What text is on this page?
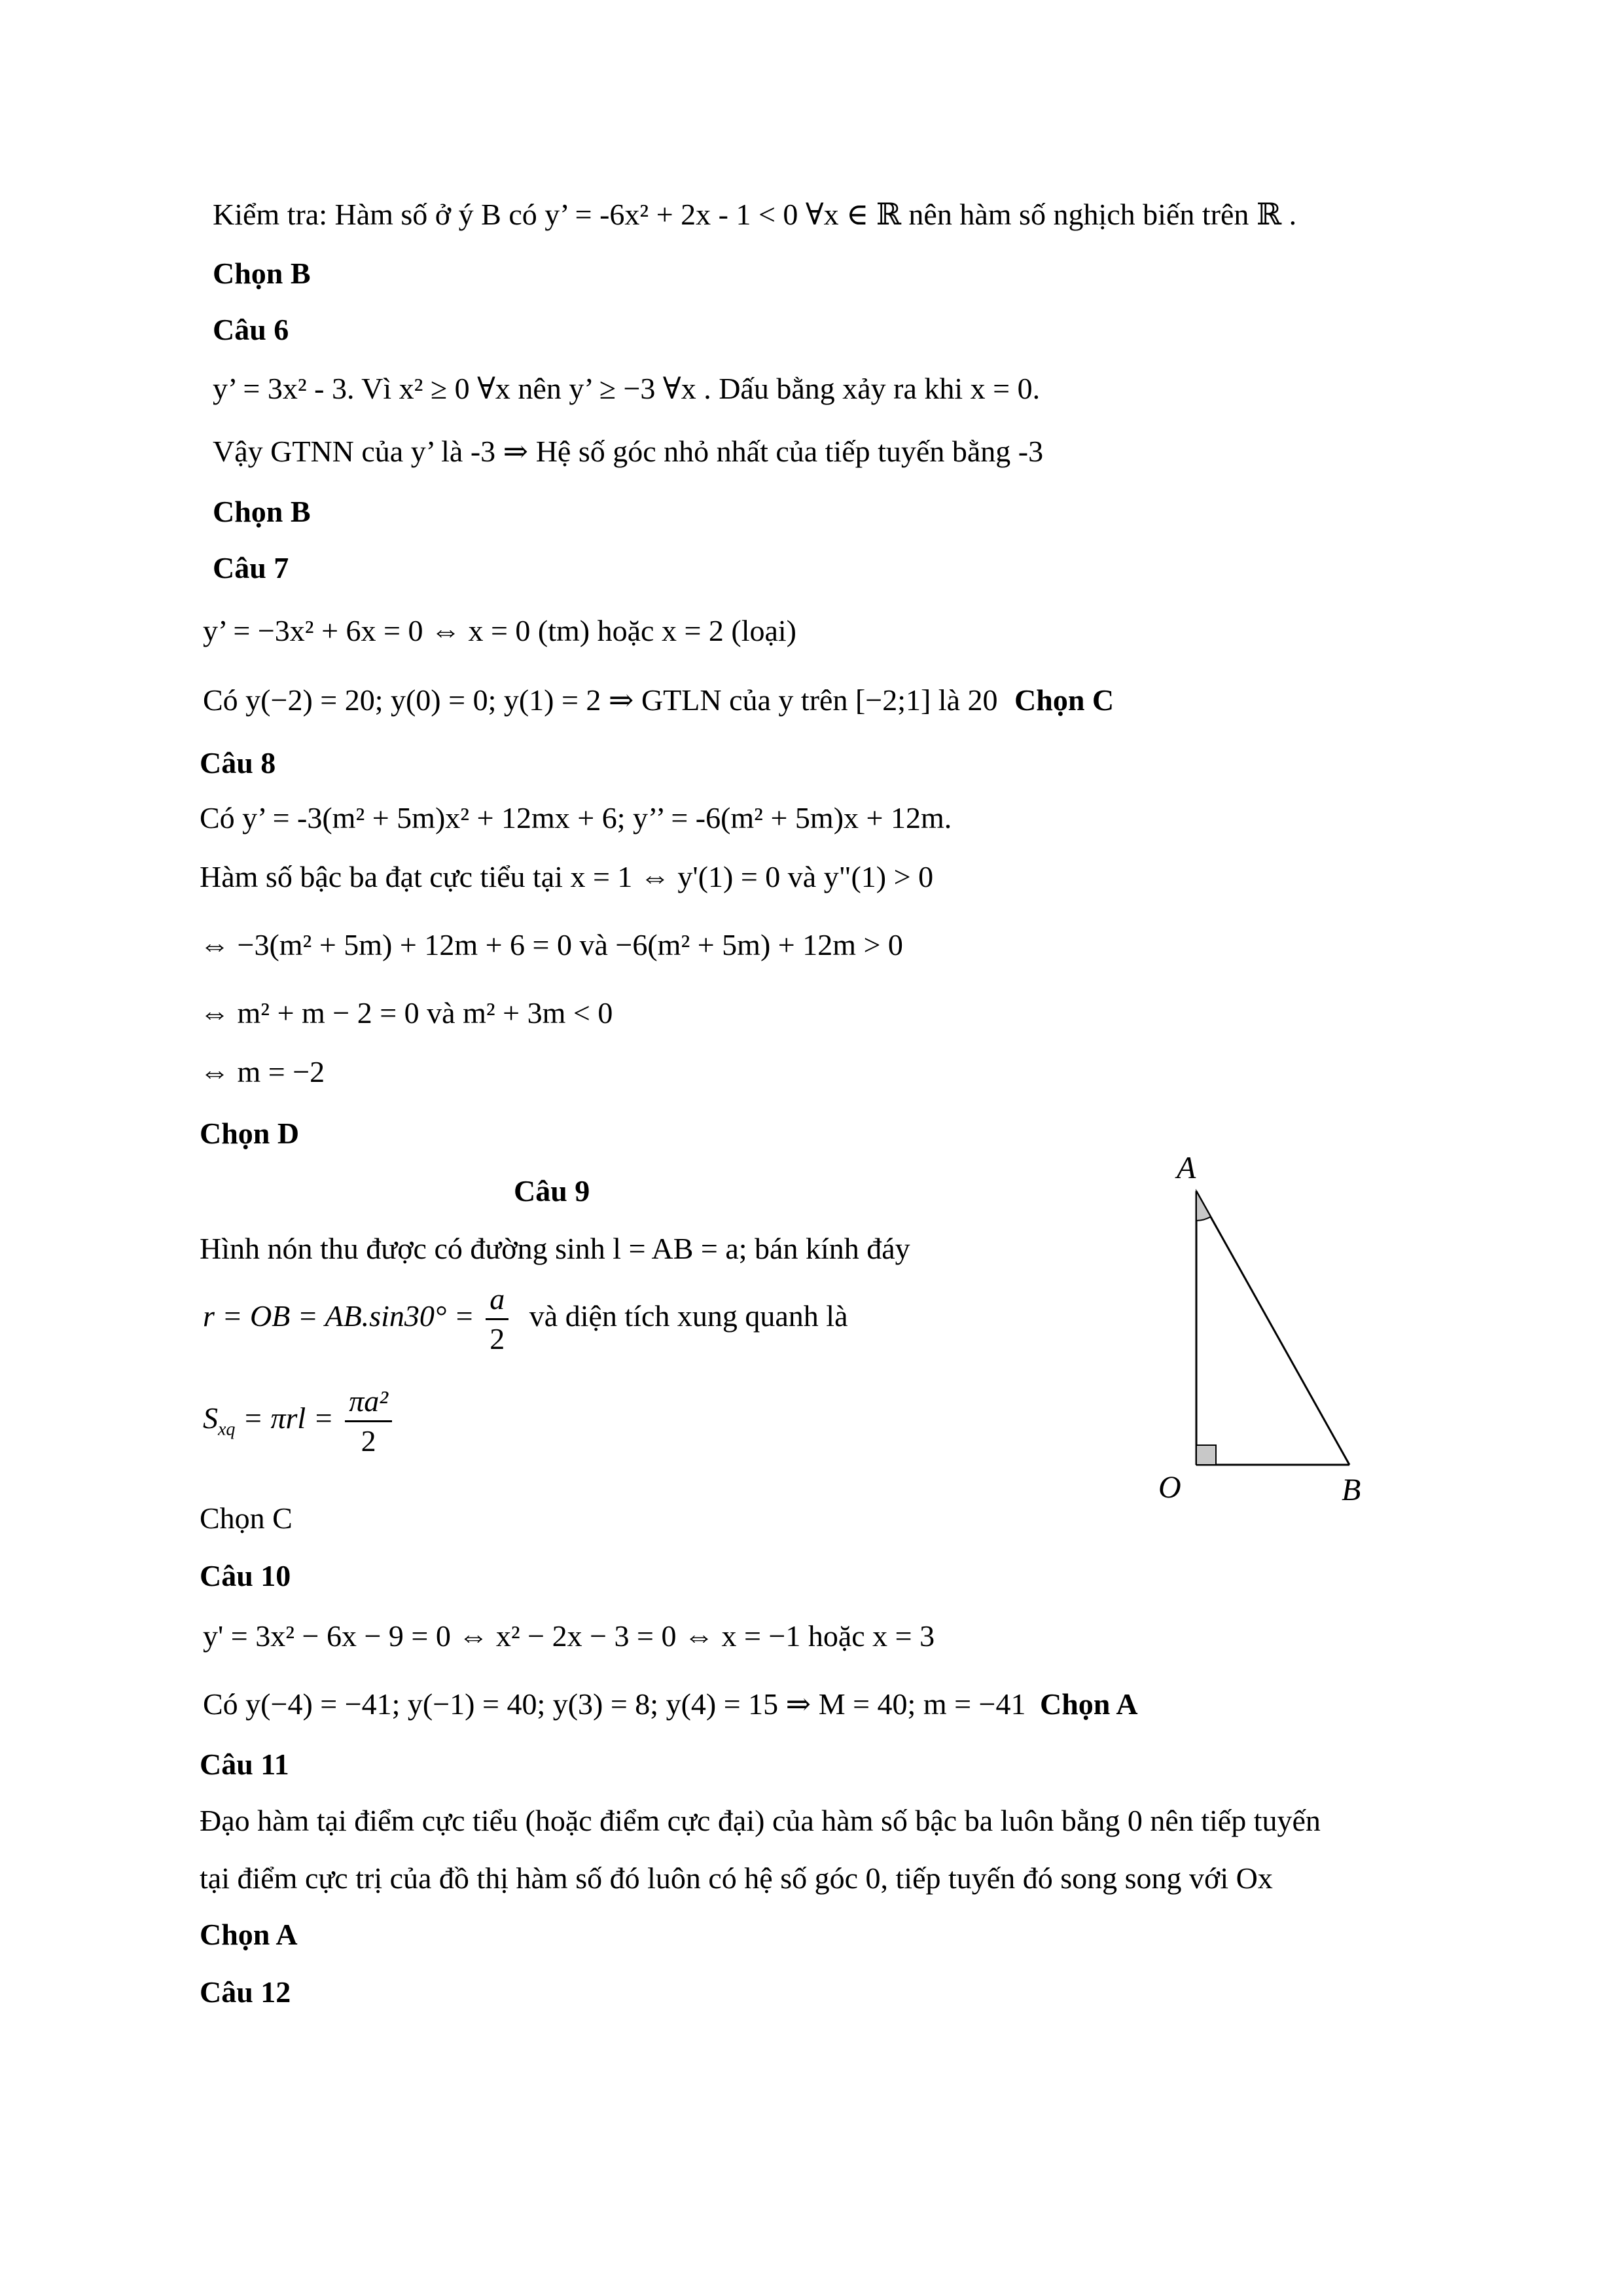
Kiểm tra: Hàm số ở ý B có y’ = -6x² + 2x - 1 < 0 ∀x ∈ ℝ nên hàm số nghịch biến trên ℝ .
Chọn B
Câu 6
y’ = 3x² - 3. Vì x² ≥ 0 ∀x nên y’ ≥ −3 ∀x . Dấu bằng xảy ra khi x = 0.
Vậy GTNN của y’ là -3 ⇒ Hệ số góc nhỏ nhất của tiếp tuyến bằng -3
Chọn B
Câu 7
y’ = −3x² + 6x = 0 ⇔ x = 0 (tm) hoặc x = 2 (loại)
Có y(−2) = 20; y(0) = 0; y(1) = 2 ⇒ GTLN của y trên [−2;1] là 20 Chọn C
Câu 8
Có y’ = -3(m² + 5m)x² + 12mx + 6; y’’ = -6(m² + 5m)x + 12m.
Hàm số bậc ba đạt cực tiểu tại x = 1 ⇔ y'(1) = 0 và y"(1) > 0
⇔ −3(m² + 5m) + 12m + 6 = 0 và −6(m² + 5m) + 12m > 0
⇔ m² + m − 2 = 0 và m² + 3m < 0
⇔ m = −2
Chọn D
Câu 9
Hình nón thu được có đường sinh l = AB = a; bán kính đáy
r = OB = $AB.\sin 30^\circ = \frac{a}{2}$ và diện tích xung quanh là
$S_{xq} = \pi rl = \frac{\text{πa²}}{2}$
Chọn C
Câu 10
y' = 3x² − 6x − 9 = 0 ⇔ x² − 2x − 3 = 0 ⇔ x = −1 hoặc x = 3
Có y(−4) = −41; y(−1) = 40; y(3) = 8; y(4) = 15 ⇒ M = 40; m = −41 Chọn A
Câu 11
Đạo hàm tại điểm cực tiểu (hoặc điểm cực đại) của hàm số bậc ba luôn bằng 0 nên tiếp tuyến
tại điểm cực trị của đồ thị hàm số đó luôn có hệ số góc 0, tiếp tuyến đó song song với Ox
Chọn A
Câu 12
A
O	B
